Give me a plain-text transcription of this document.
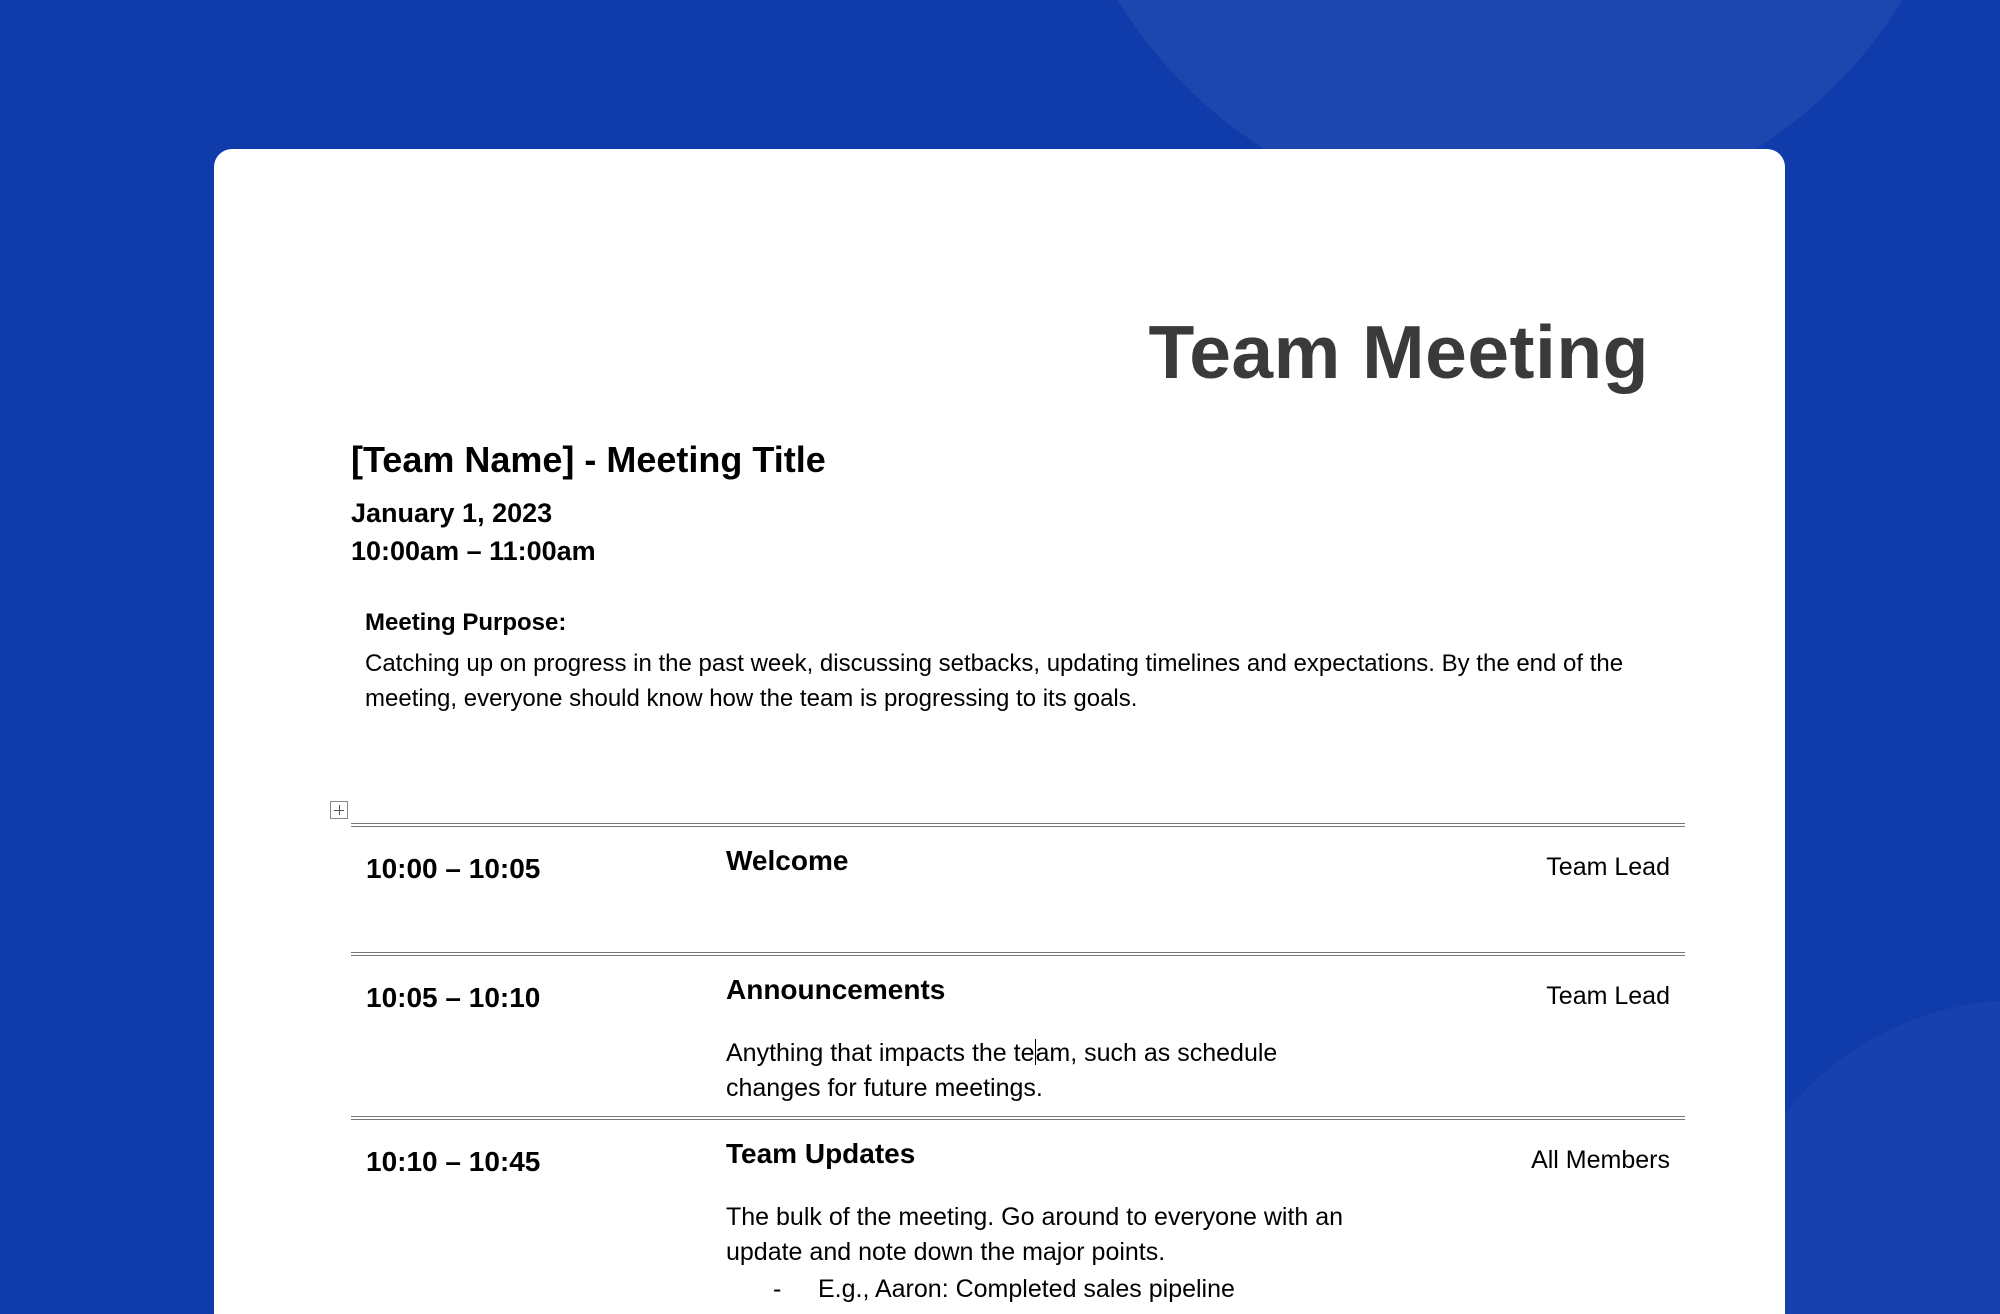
Team Meeting
[Team Name] - Meeting Title
January 1, 2023
10:00am – 11:00am
Meeting Purpose:
Catching up on progress in the past week, discussing setbacks, updating timelines and expectations. By the end of the meeting, everyone should know how the team is progressing to its goals.
10:00 – 10:05	Welcome	Team Lead
10:05 – 10:10	Announcements	Team Lead
Anything that impacts the team, such as schedule changes for future meetings.
10:10 – 10:45	Team Updates	All Members
The bulk of the meeting. Go around to everyone with an update and note down the major points.
- E.g., Aaron: Completed sales pipeline
